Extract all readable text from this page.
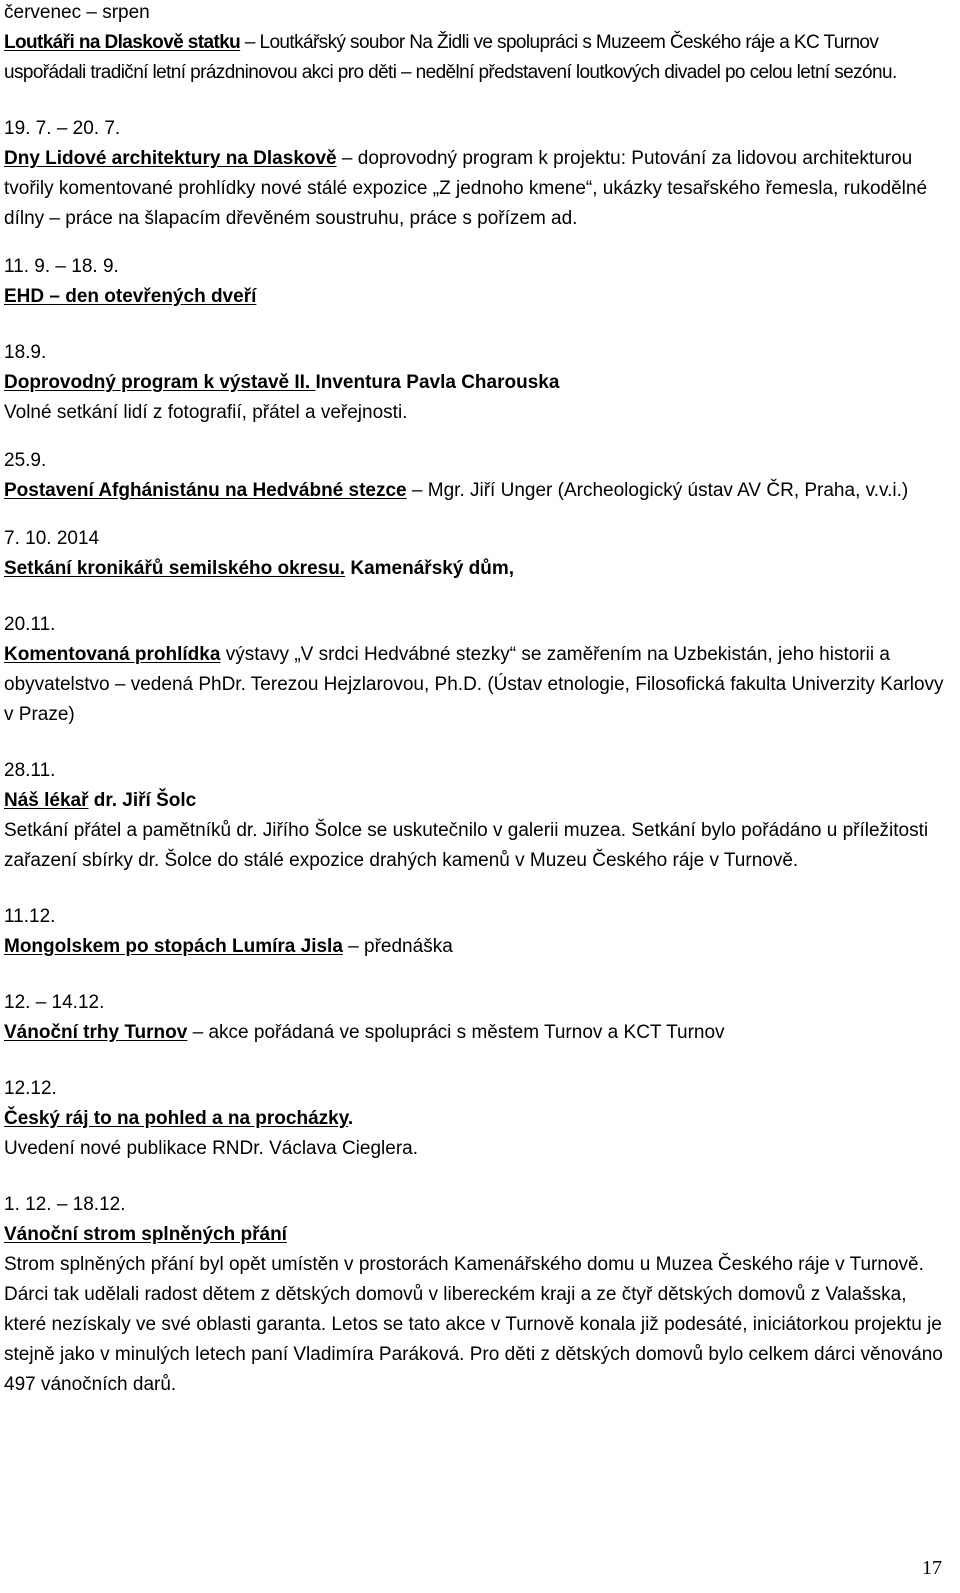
červenec – srpen

Loutkáři na Dlaskově statku – Loutkářský soubor Na Židli ve spolupráci s Muzeem Českého ráje a KC Turnov

uspořádali tradiční letní prázdninovou akci pro děti – nedělní představení loutkových divadel po celou letní sezónu.

19. 7. – 20. 7.

Dny Lidové architektury na Dlaskově – doprovodný program k projektu: Putování za lidovou architekturou tvořily komentované prohlídky nové stálé expozice „Z jednoho kmene“, ukázky tesařského řemesla, rukodělné dílny – práce na šlapacím dřevěném soustruhu, práce s pořízem ad.

11. 9. – 18. 9.

EHD – den otevřených dveří

18.9.

Doprovodný program k výstavě II. Inventura Pavla Charouska

Volné setkání lidí z fotografií, přátel a veřejnosti.

25.9.

Postavení Afghánistánu na Hedvábné stezce – Mgr. Jiří Unger (Archeologický ústav AV ČR, Praha, v.v.i.)

7. 10. 2014

Setkání kronikářů semilského okresu. Kamenářský dům,

20.11.

Komentovaná prohlídka výstavy „V srdci Hedvábné stezky“ se zaměřením na Uzbekistán, jeho historii a obyvatelstvo – vedená PhDr. Terezou Hejzlarovou, Ph.D. (Ústav etnologie, Filosofická fakulta Univerzity Karlovy v Praze)

28.11.

Náš lékař dr. Jiří Šolc

Setkání přátel a pamětníků dr. Jiřího Šolce se uskutečnilo v galerii muzea. Setkání bylo pořádáno u příležitosti zařazení sbírky dr. Šolce do stálé expozice drahých kamenů v Muzeu Českého ráje v Turnově.

11.12.

Mongolskem po stopách Lumíra Jisla – přednáška

12. – 14.12.

Vánoční trhy Turnov – akce pořádaná ve spolupráci s městem Turnov a KCT Turnov

12.12.

Český ráj to na pohled a na procházky.

Uvedení nové publikace RNDr. Václava Cieglera.

1. 12. – 18.12.

Vánoční strom splněných přání

Strom splněných přání byl opět umístěn v prostorách Kamenářského domu u Muzea Českého ráje v Turnově. Dárci tak udělali radost dětem z dětských domovů v libereckém kraji a ze čtyř dětských domovů z Valašska, které nezískaly ve své oblasti garanta. Letos se tato akce v Turnově konala již podesáté, iniciátorkou projektu je stejně jako v minulých letech paní Vladimíra Paráková. Pro děti z dětských domovů bylo celkem dárci věnováno 497 vánočních darů.

17
